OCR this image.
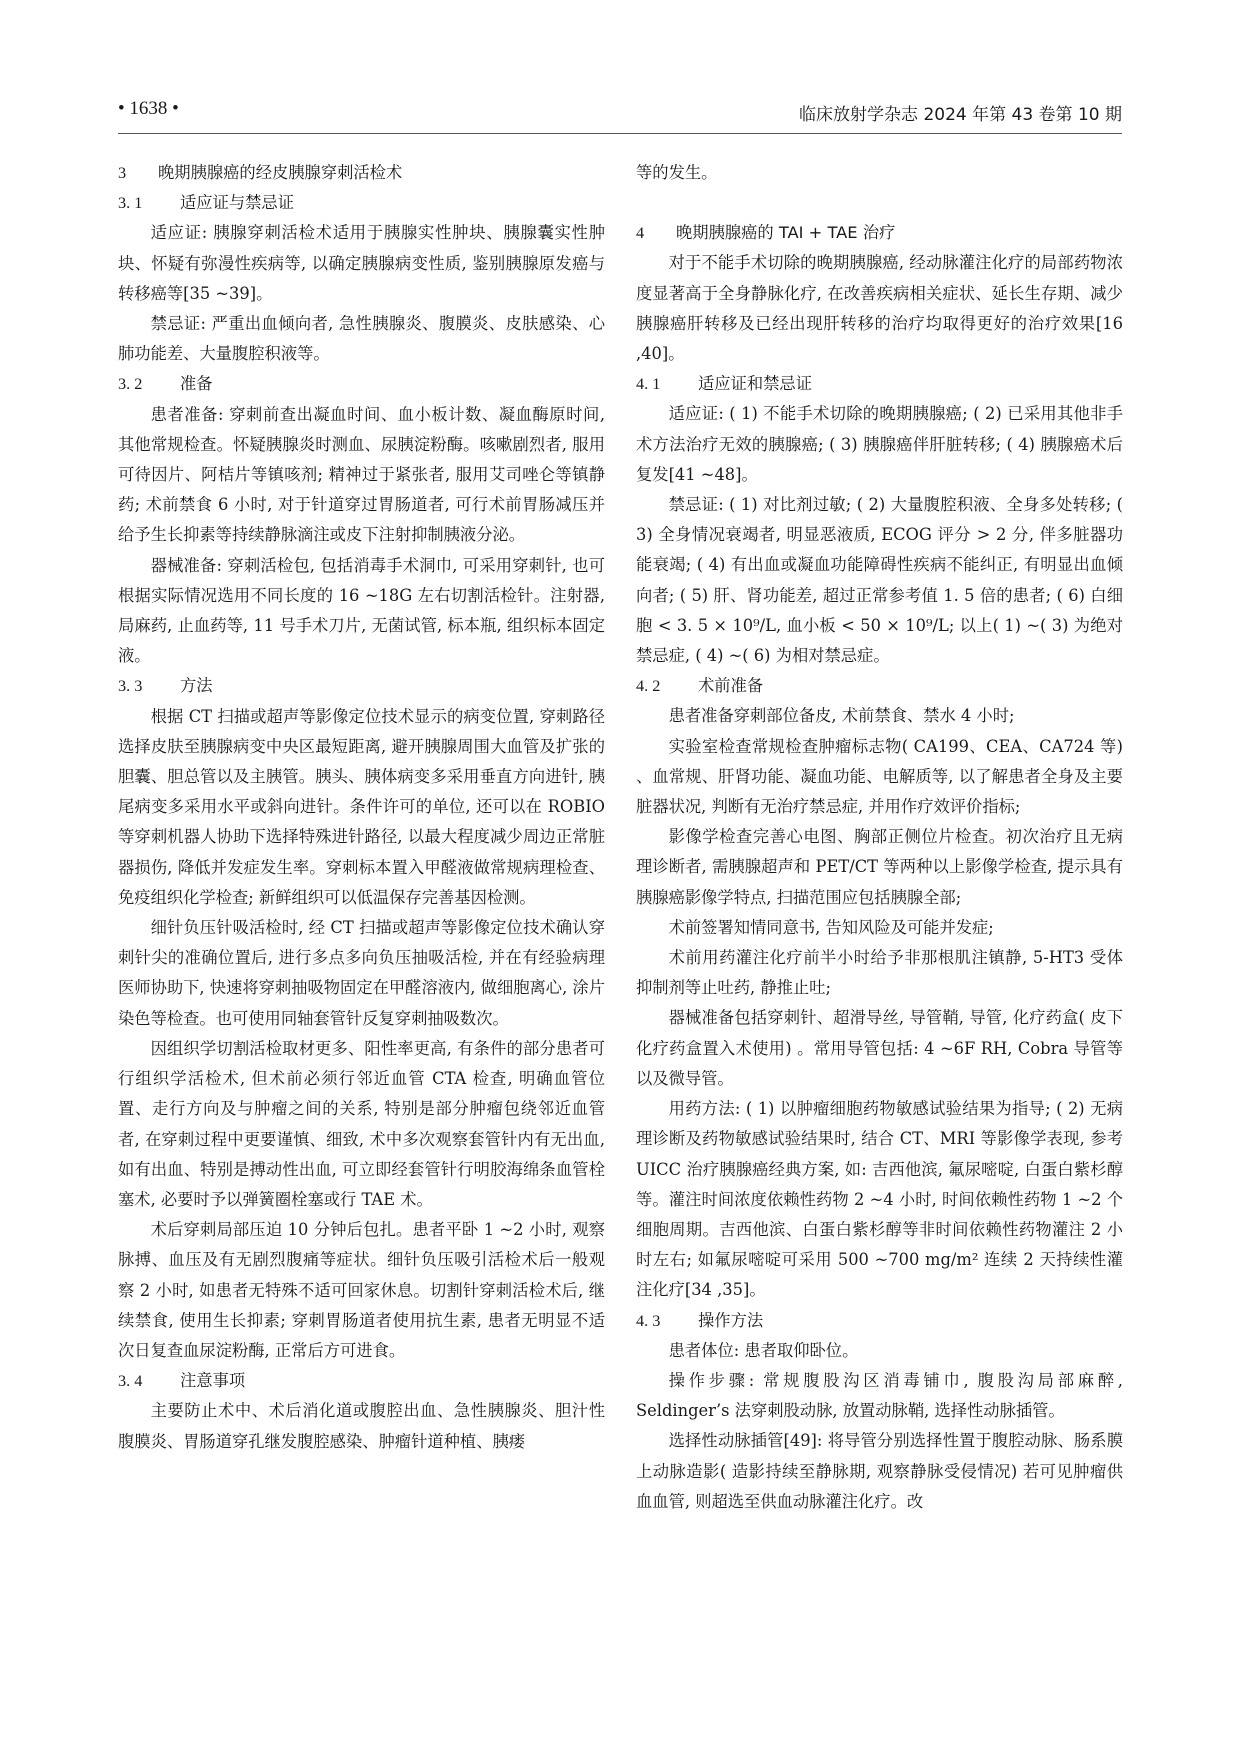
• 1638 •	临床放射学杂志 2024 年第 43 卷第 10 期
3 晚期胰腺癌的经皮胰腺穿刺活检术
3. 1 适应证与禁忌证

适应证: 胰腺穿刺活检术适用于胰腺实性肿块、胰腺囊实性肿块、怀疑有弥漫性疾病等, 以确定胰腺病变性质, 鉴别胰腺原发癌与转移癌等[35 ~39]。

禁忌证: 严重出血倾向者, 急性胰腺炎、腹膜炎、皮肤感染、心肺功能差、大量腹腔积液等。

3. 2 准备

患者准备: 穿刺前查出凝血时间、血小板计数、凝血酶原时间, 其他常规检查。怀疑胰腺炎时测血、尿胰淀粉酶。咳嗽剧烈者, 服用可待因片、阿桔片等镇咳剂; 精神过于紧张者, 服用艾司唑仑等镇静药; 术前禁食 6 小时, 对于针道穿过胃肠道者, 可行术前胃肠减压并给予生长抑素等持续静脉滴注或皮下注射抑制胰液分泌。

器械准备: 穿刺活检包, 包括消毒手术洞巾, 可采用穿刺针, 也可根据实际情况选用不同长度的 16 ~18G 左右切割活检针。注射器, 局麻药, 止血药等, 11 号手术刀片, 无菌试管, 标本瓶, 组织标本固定液。

3. 3 方法

根据 CT 扫描或超声等影像定位技术显示的病变位置, 穿刺路径选择皮肤至胰腺病变中央区最短距离, 避开胰腺周围大血管及扩张的胆囊、胆总管以及主胰管。胰头、胰体病变多采用垂直方向进针, 胰尾病变多采用水平或斜向进针。条件许可的单位, 还可以在 ROBIO 等穿刺机器人协助下选择特殊进针路径, 以最大程度减少周边正常脏器损伤, 降低并发症发生率。穿刺标本置入甲醛液做常规病理检查、免疫组织化学检查; 新鲜组织可以低温保存完善基因检测。

细针负压针吸活检时, 经 CT 扫描或超声等影像定位技术确认穿刺针尖的准确位置后, 进行多点多向负压抽吸活检, 并在有经验病理医师协助下, 快速将穿刺抽吸物固定在甲醛溶液内, 做细胞离心, 涂片染色等检查。也可使用同轴套管针反复穿刺抽吸数次。

因组织学切割活检取材更多、阳性率更高, 有条件的部分患者可行组织学活检术, 但术前必须行邻近血管 CTA 检查, 明确血管位置、走行方向及与肿瘤之间的关系, 特别是部分肿瘤包绕邻近血管者, 在穿刺过程中更要谨慎、细致, 术中多次观察套管针内有无出血, 如有出血、特别是搏动性出血, 可立即经套管针行明胶海绵条血管栓塞术, 必要时予以弹簧圈栓塞或行 TAE 术。

术后穿刺局部压迫 10 分钟后包扎。患者平卧 1 ~2 小时, 观察脉搏、血压及有无剧烈腹痛等症状。细针负压吸引活检术后一般观察 2 小时, 如患者无特殊不适可回家休息。切割针穿刺活检术后, 继续禁食, 使用生长抑素; 穿刺胃肠道者使用抗生素, 患者无明显不适次日复查血尿淀粉酶, 正常后方可进食。

3. 4 注意事项

主要防止术中、术后消化道或腹腔出血、急性胰腺炎、胆汁性腹膜炎、胃肠道穿孔继发腹腔感染、肿瘤针道种植、胰瘘

等的发生。

4 晚期胰腺癌的 TAI + TAE 治疗

对于不能手术切除的晚期胰腺癌, 经动脉灌注化疗的局部药物浓度显著高于全身静脉化疗, 在改善疾病相关症状、延长生存期、减少胰腺癌肝转移及已经出现肝转移的治疗均取得更好的治疗效果[16 ,40]。

4. 1 适应证和禁忌证

适应证: ( 1) 不能手术切除的晚期胰腺癌; ( 2) 已采用其他非手术方法治疗无效的胰腺癌; ( 3) 胰腺癌伴肝脏转移; ( 4) 胰腺癌术后复发[41 ~48]。

禁忌证: ( 1) 对比剂过敏; ( 2) 大量腹腔积液、全身多处转移; ( 3) 全身情况衰竭者, 明显恶液质, ECOG 评分 > 2 分, 伴多脏器功能衰竭; ( 4) 有出血或凝血功能障碍性疾病不能纠正, 有明显出血倾向者; ( 5) 肝、肾功能差, 超过正常参考值 1. 5 倍的患者; ( 6) 白细胞 < 3. 5 × 10⁹/L, 血小板 < 50 × 10⁹/L; 以上( 1) ~( 3) 为绝对禁忌症, ( 4) ~( 6) 为相对禁忌症。

4. 2 术前准备

患者准备穿刺部位备皮, 术前禁食、禁水 4 小时;

实验室检查常规检查肿瘤标志物( CA199、CEA、CA724 等) 、血常规、肝肾功能、凝血功能、电解质等, 以了解患者全身及主要脏器状况, 判断有无治疗禁忌症, 并用作疗效评价指标;

影像学检查完善心电图、胸部正侧位片检查。初次治疗且无病理诊断者, 需胰腺超声和 PET/CT 等两种以上影像学检查, 提示具有胰腺癌影像学特点, 扫描范围应包括胰腺全部;

术前签署知情同意书, 告知风险及可能并发症;

术前用药灌注化疗前半小时给予非那根肌注镇静, 5-HT3 受体抑制剂等止吐药, 静推止吐;

器械准备包括穿刺针、超滑导丝, 导管鞘, 导管, 化疗药盒( 皮下化疗药盒置入术使用) 。常用导管包括: 4 ~6F RH, Cobra 导管等以及微导管。

用药方法: ( 1) 以肿瘤细胞药物敏感试验结果为指导; ( 2) 无病理诊断及药物敏感试验结果时, 结合 CT、MRI 等影像学表现, 参考 UICC 治疗胰腺癌经典方案, 如: 吉西他滨, 氟尿嘧啶, 白蛋白紫杉醇等。灌注时间浓度依赖性药物 2 ~4 小时, 时间依赖性药物 1 ~2 个细胞周期。吉西他滨、白蛋白紫杉醇等非时间依赖性药物灌注 2 小时左右; 如氟尿嘧啶可采用 500 ~700 mg/m² 连续 2 天持续性灌注化疗[34 ,35]。

4. 3 操作方法

患者体位: 患者取仰卧位。

操作步骤: 常规腹股沟区消毒铺巾, 腹股沟局部麻醉, Seldinger’s 法穿刺股动脉, 放置动脉鞘, 选择性动脉插管。

选择性动脉插管[49]: 将导管分别选择性置于腹腔动脉、肠系膜上动脉造影( 造影持续至静脉期, 观察静脉受侵情况) 若可见肿瘤供血血管, 则超选至供血动脉灌注化疗。改
